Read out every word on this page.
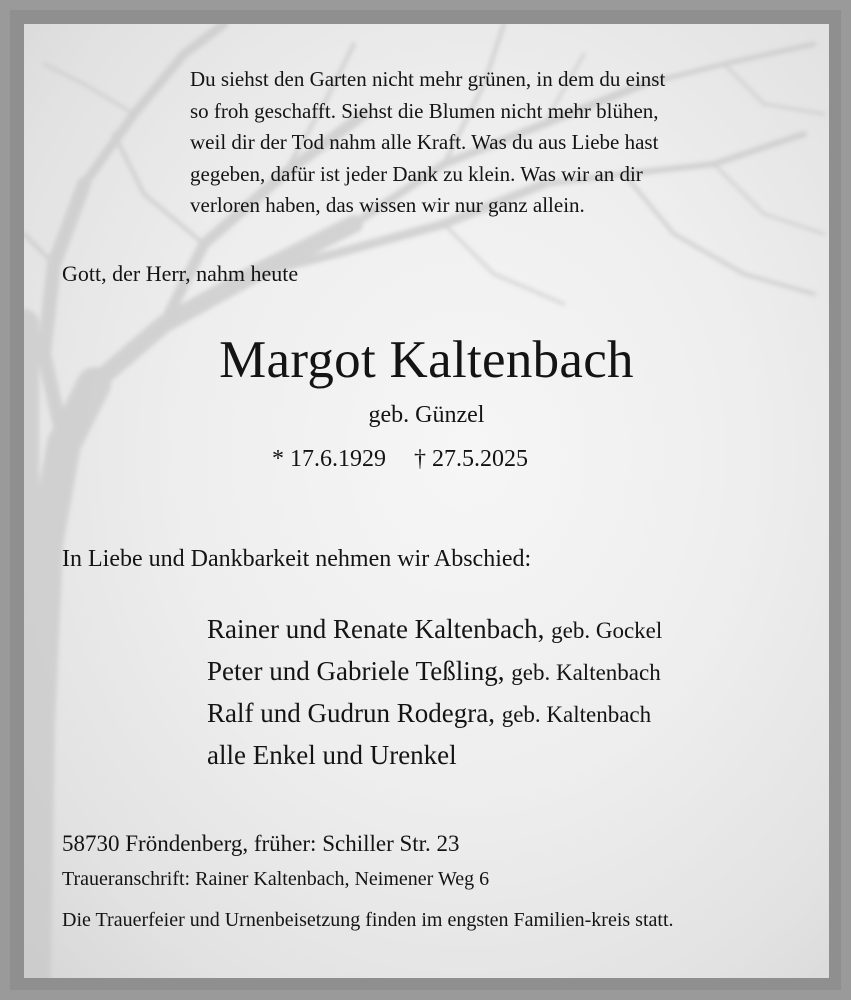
Du siehst den Garten nicht mehr grünen, in dem du einst
so froh geschafft. Siehst die Blumen nicht mehr blühen,
weil dir der Tod nahm alle Kraft. Was du aus Liebe hast
gegeben, dafür ist jeder Dank zu klein. Was wir an dir
verloren haben, das wissen wir nur ganz allein.
Gott, der Herr, nahm heute
Margot Kaltenbach
geb. Günzel
* 17.6.1929 † 27.5.2025
In Liebe und Dankbarkeit nehmen wir Abschied:
Rainer und Renate Kaltenbach, geb. Gockel
Peter und Gabriele Teßling, geb. Kaltenbach
Ralf und Gudrun Rodegra, geb. Kaltenbach
alle Enkel und Urenkel
58730 Fröndenberg, früher: Schiller Str. 23
Traueranschrift: Rainer Kaltenbach, Neimener Weg 6
Die Trauerfeier und Urnenbeisetzung finden im engsten Familien-kreis statt.
